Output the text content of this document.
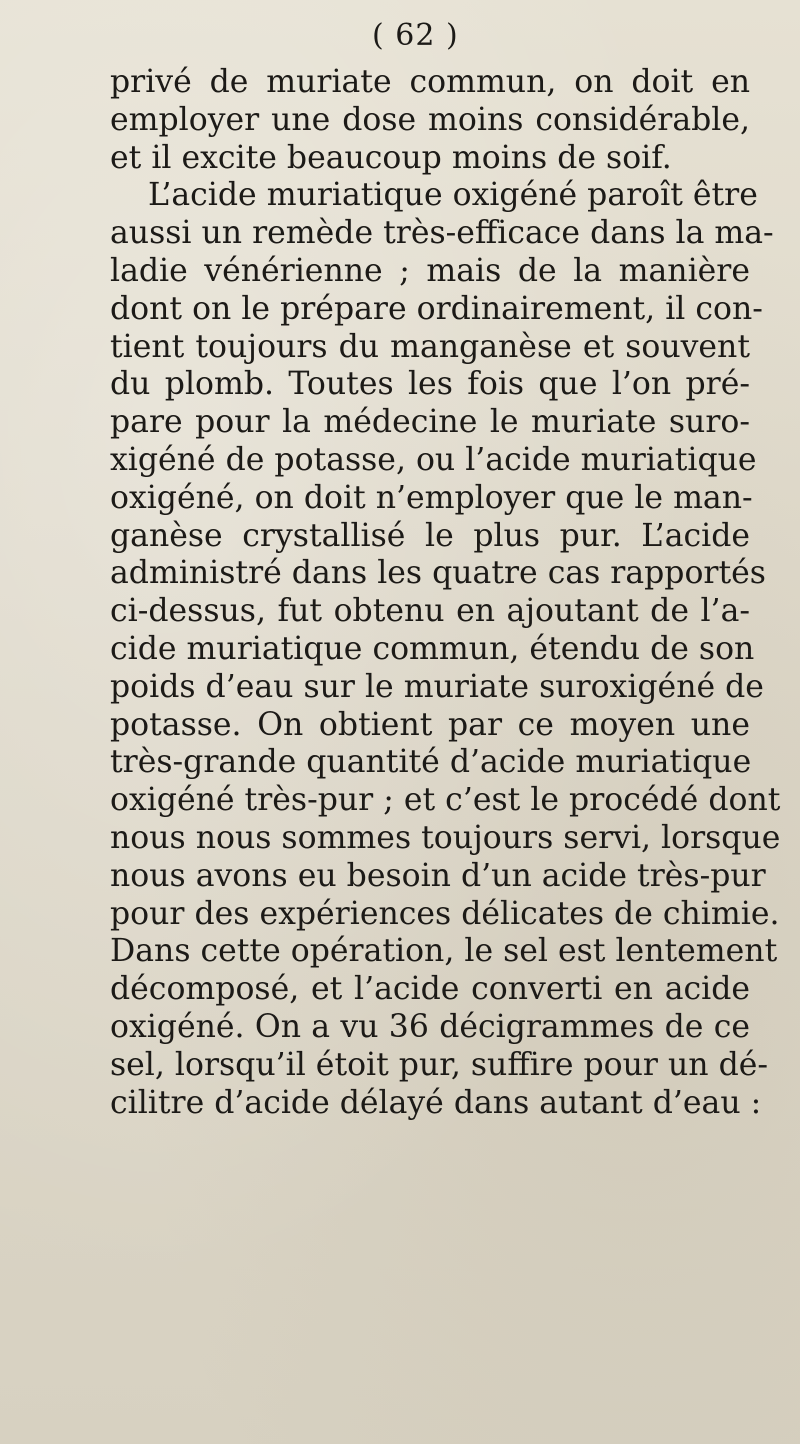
( 62 )
privé de muriate commun, on doit en
employer une dose moins considérable,
et il excite beaucoup moins de soif.
L’acide muriatique oxigéné paroît être
aussi un remède très-efficace dans la ma-
ladie vénérienne ; mais de la manière
dont on le prépare ordinairement, il con-
tient toujours du manganèse et souvent
du plomb. Toutes les fois que l’on pré-
pare pour la médecine le muriate suro-
xigéné de potasse, ou l’acide muriatique
oxigéné, on doit n’employer que le man-
ganèse crystallisé le plus pur. L’acide
administré dans les quatre cas rapportés
ci-dessus, fut obtenu en ajoutant de l’a-
cide muriatique commun, étendu de son
poids d’eau sur le muriate suroxigéné de
potasse. On obtient par ce moyen une
très-grande quantité d’acide muriatique
oxigéné très-pur ; et c’est le procédé dont
nous nous sommes toujours servi, lorsque
nous avons eu besoin d’un acide très-pur
pour des expériences délicates de chimie.
Dans cette opération, le sel est lentement
décomposé, et l’acide converti en acide
oxigéné. On a vu 36 décigrammes de ce
sel, lorsqu’il étoit pur, suffire pour un dé-
cilitre d’acide délayé dans autant d’eau :
